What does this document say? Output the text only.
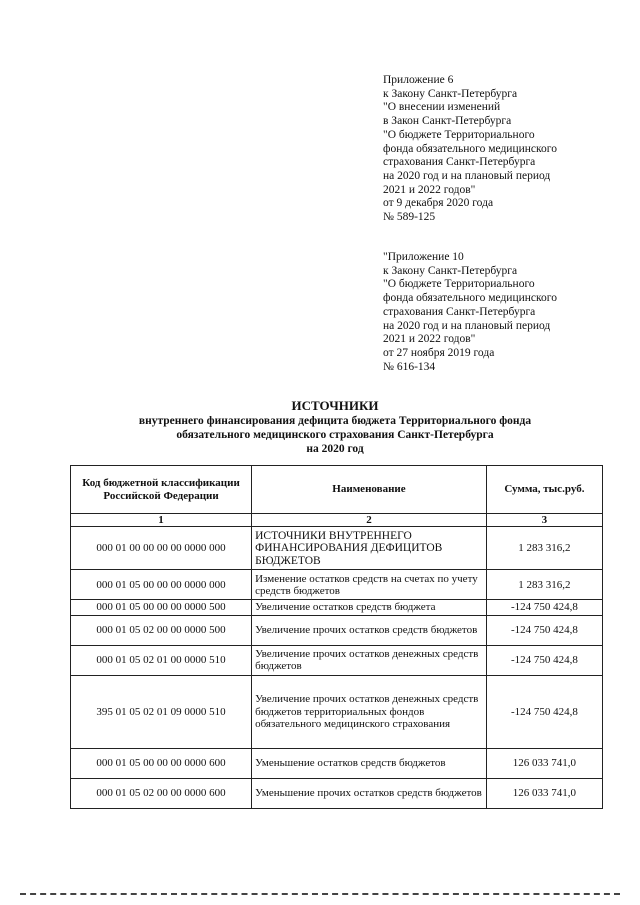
Приложение 6
к Закону Санкт-Петербурга
"О внесении изменений
в Закон Санкт-Петербурга
"О бюджете Территориального
фонда обязательного медицинского
страхования Санкт-Петербурга
на 2020 год и на плановый период
2021 и 2022 годов"
от 9 декабря 2020 года
№ 589-125
"Приложение 10
к Закону Санкт-Петербурга
"О бюджете Территориального
фонда обязательного медицинского
страхования Санкт-Петербурга
на 2020 год и на плановый период
2021 и 2022 годов"
от 27 ноября 2019 года
№ 616-134
ИСТОЧНИКИ
внутреннего финансирования дефицита бюджета Территориального фонда
обязательного медицинского страхования Санкт-Петербурга
на 2020 год
Код бюджетной классификации Российской Федерации	Наименование	Сумма, тыс.руб.
1	2	3
000 01 00 00 00 00 0000 000	ИСТОЧНИКИ ВНУТРЕННЕГО ФИНАНСИРОВАНИЯ ДЕФИЦИТОВ БЮДЖЕТОВ	1 283 316,2
000 01 05 00 00 00 0000 000	Изменение остатков средств на счетах по учету средств бюджетов	1 283 316,2
000 01 05 00 00 00 0000 500	Увеличение остатков средств бюджета	-124 750 424,8
000 01 05 02 00 00 0000 500	Увеличение прочих остатков средств бюджетов	-124 750 424,8
000 01 05 02 01 00 0000 510	Увеличение прочих остатков денежных средств бюджетов	-124 750 424,8
395 01 05 02 01 09 0000 510	Увеличение прочих остатков денежных средств бюджетов территориальных фондов обязательного медицинского страхования	-124 750 424,8
000 01 05 00 00 00 0000 600	Уменьшение остатков средств бюджетов	126 033 741,0
000 01 05 02 00 00 0000 600	Уменьшение прочих остатков средств бюджетов	126 033 741,0
